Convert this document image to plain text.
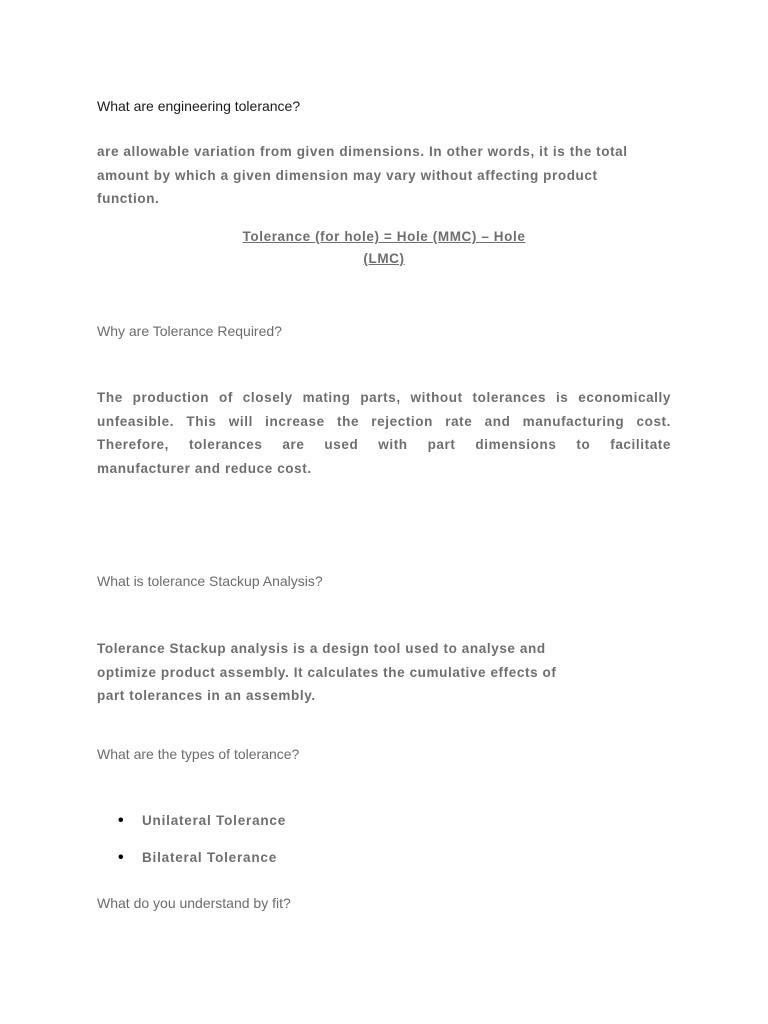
What are engineering tolerance?
are allowable variation from given dimensions. In other words, it is the total
amount by which a given dimension may vary without affecting product
function.
Tolerance (for hole) = Hole (MMC) – Hole
(LMC)
Why are Tolerance Required?
The production of closely mating parts, without tolerances is economically
unfeasible. This will increase the rejection rate and manufacturing cost.
Therefore, tolerances are used with part dimensions to facilitate
manufacturer and reduce cost.
What is tolerance Stackup Analysis?
Tolerance Stackup analysis is a design tool used to analyse and
optimize product assembly. It calculates the cumulative effects of
part tolerances in an assembly.
What are the types of tolerance?
• Unilateral Tolerance
• Bilateral Tolerance
What do you understand by fit?
